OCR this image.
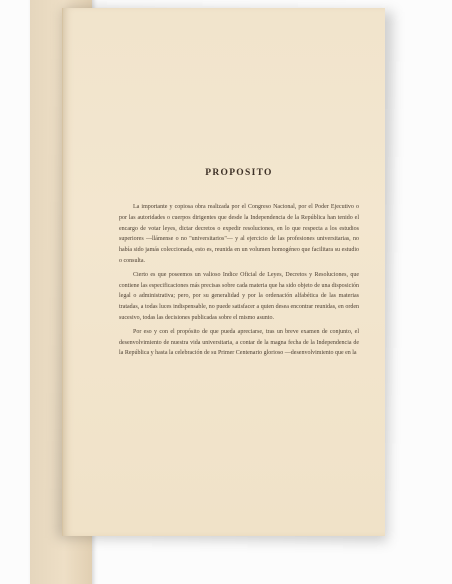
PROPOSITO

La importante y copiosa obra realizada por el Congreso Nacional, por el Poder Ejecutivo o por las autoridades o cuerpos dirigentes que desde la Independencia de la República han tenido el encargo de votar leyes, dictar decretos o expedir resoluciones, en lo que respecta a los estudios superiores —llámense o no "universitarios"— y al ejercicio de las profesiones universitarias, no había sido jamás coleccionada, esto es, reunida en un volumen homogéneo que facilitara su estudio o consulta.

Cierto es que poseemos un valioso Indice Oficial de Leyes, Decretos y Resoluciones, que contiene las especificaciones más precisas sobre cada materia que ha sido objeto de una disposición legal o administrativa; pero, por su generalidad y por la ordenación alfabética de las materias tratadas, a todas luces indispensable, no puede satisfacer a quien desea encontrar reunidas, en orden sucesivo, todas las decisiones publicadas sobre el mismo asunto.

Por eso y con el propósito de que pueda apreciarse, tras un breve examen de conjunto, el desenvolvimiento de nuestra vida universitaria, a contar de la magna fecha de la Independencia de la República y hasta la celebración de su Primer Centenario glorioso —desenvolvimiento que en la
